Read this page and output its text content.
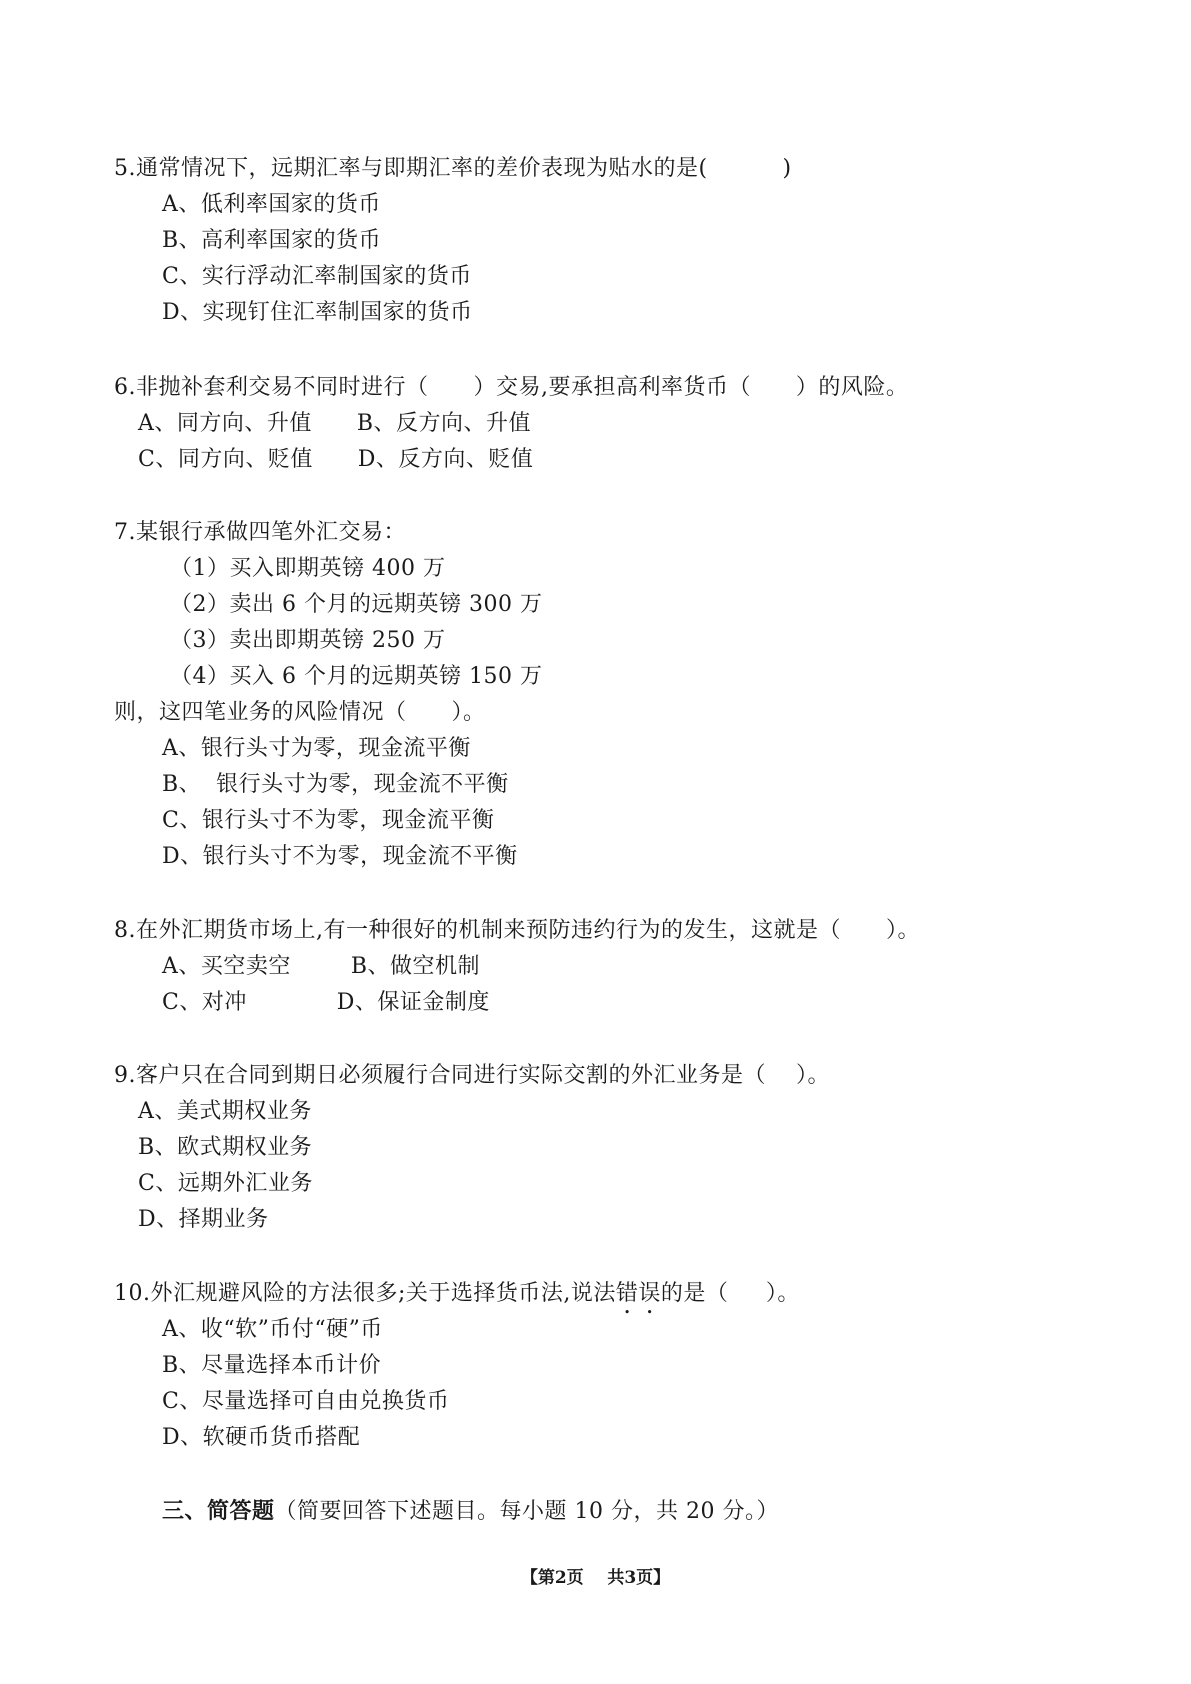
5.通常情况下，远期汇率与即期汇率的差价表现为贴水的是(          )
A、低利率国家的货币
B、高利率国家的货币
C、实行浮动汇率制国家的货币
D、实现钉住汇率制国家的货币
6.非抛补套利交易不同时进行（      ）交易,要承担高利率货币（      ）的风险。
A、同方向、升值      B、反方向、升值
C、同方向、贬值      D、反方向、贬值
7.某银行承做四笔外汇交易：
（1）买入即期英镑 400 万
（2）卖出 6 个月的远期英镑 300 万
（3）卖出即期英镑 250 万
（4）买入 6 个月的远期英镑 150 万
则，这四笔业务的风险情况（      ）。
A、银行头寸为零，现金流平衡
B、  银行头寸为零，现金流不平衡
C、银行头寸不为零，现金流平衡
D、银行头寸不为零，现金流不平衡
8.在外汇期货市场上,有一种很好的机制来预防违约行为的发生，这就是（      ）。
A、买空卖空        B、做空机制
C、对冲            D、保证金制度
9.客户只在合同到期日必须履行合同进行实际交割的外汇业务是（    ）。
A、美式期权业务
B、欧式期权业务
C、远期外汇业务
D、择期业务
10.外汇规避风险的方法很多;关于选择货币法,说法错误的是（     ）。
A、收“软”币付“硬”币
B、尽量选择本币计价
C、尽量选择可自由兑换货币
D、软硬币货币搭配
三、简答题（简要回答下述题目。每小题 10 分，共 20 分。）
【第2页    共3页】
